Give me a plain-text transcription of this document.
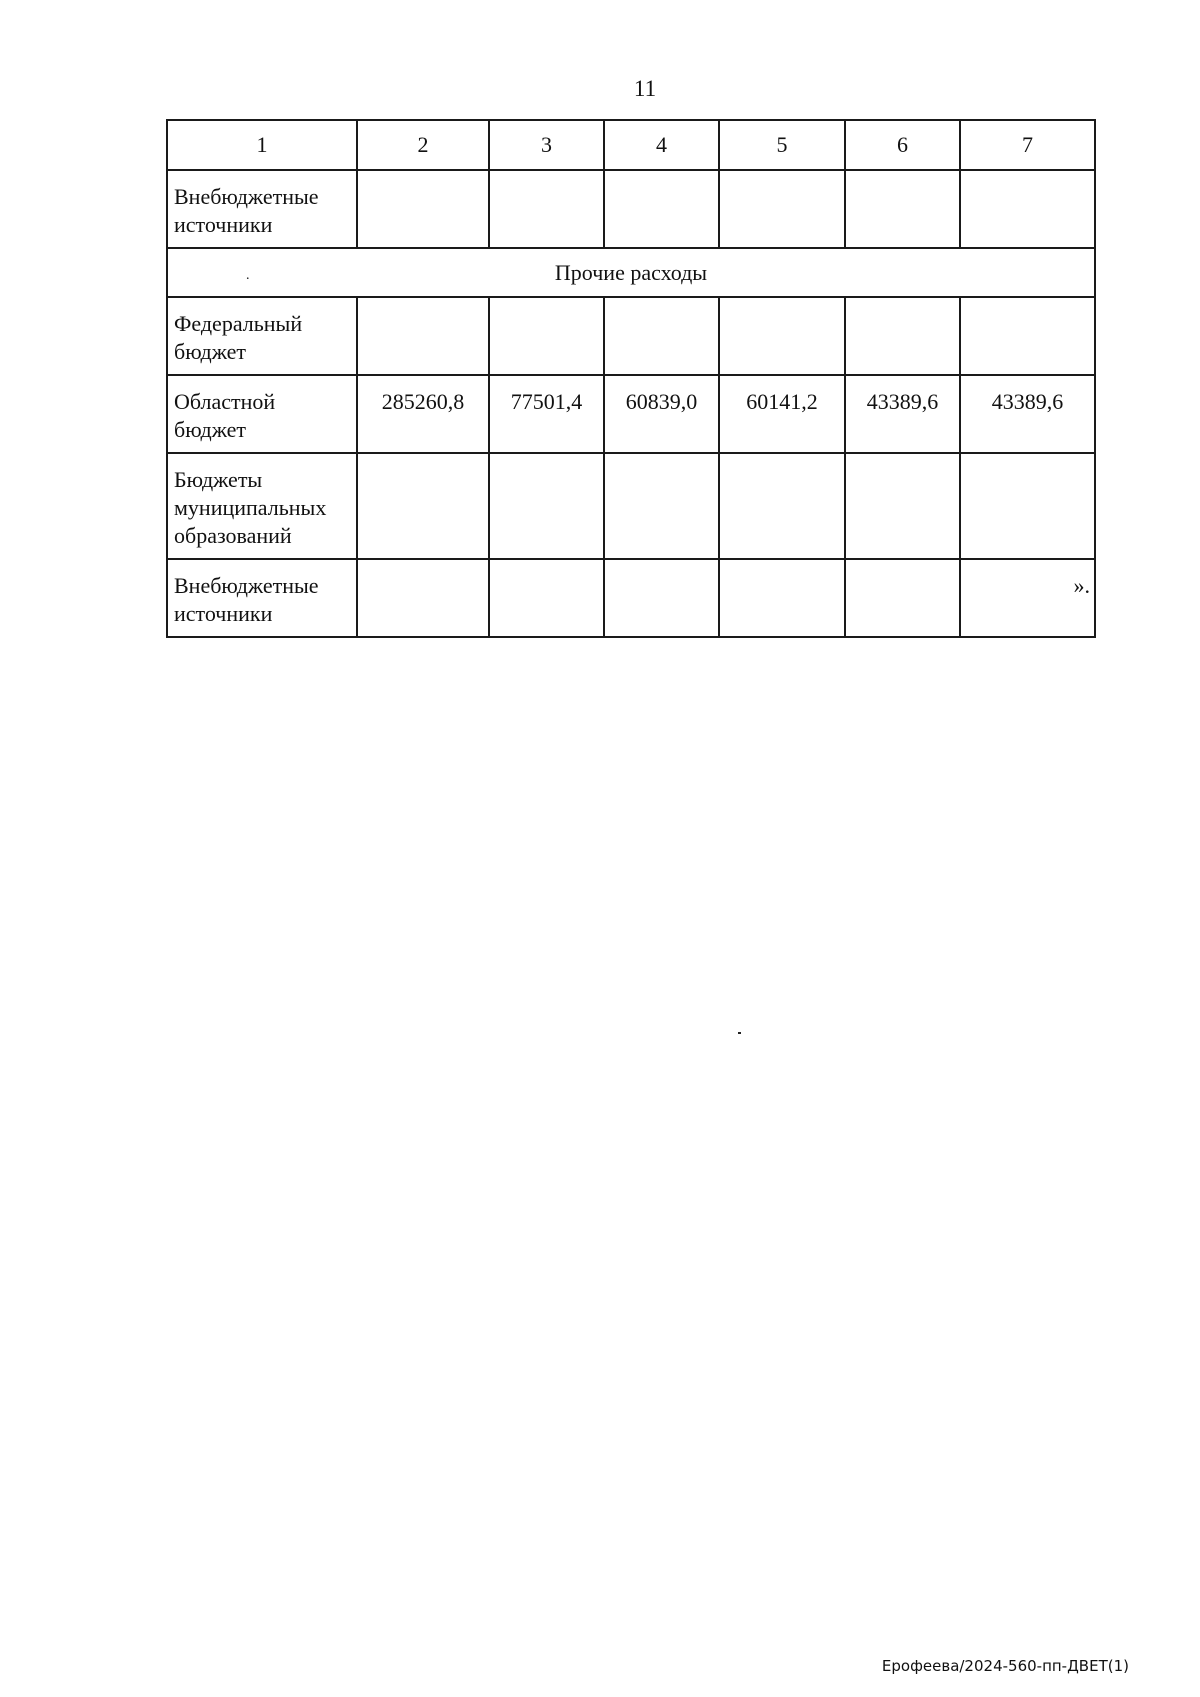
11
1	2	3	4	5	6	7
Внебюджетные источники						

. Прочие расходы						
Федеральный бюджет						
Областной бюджет	285260,8	77501,4	60839,0	60141,2	43389,6	43389,6
Бюджеты муниципальных образований						
Внебюджетные источники						».
Ерофеева/2024-560-пп-ДВЕТ(1)
